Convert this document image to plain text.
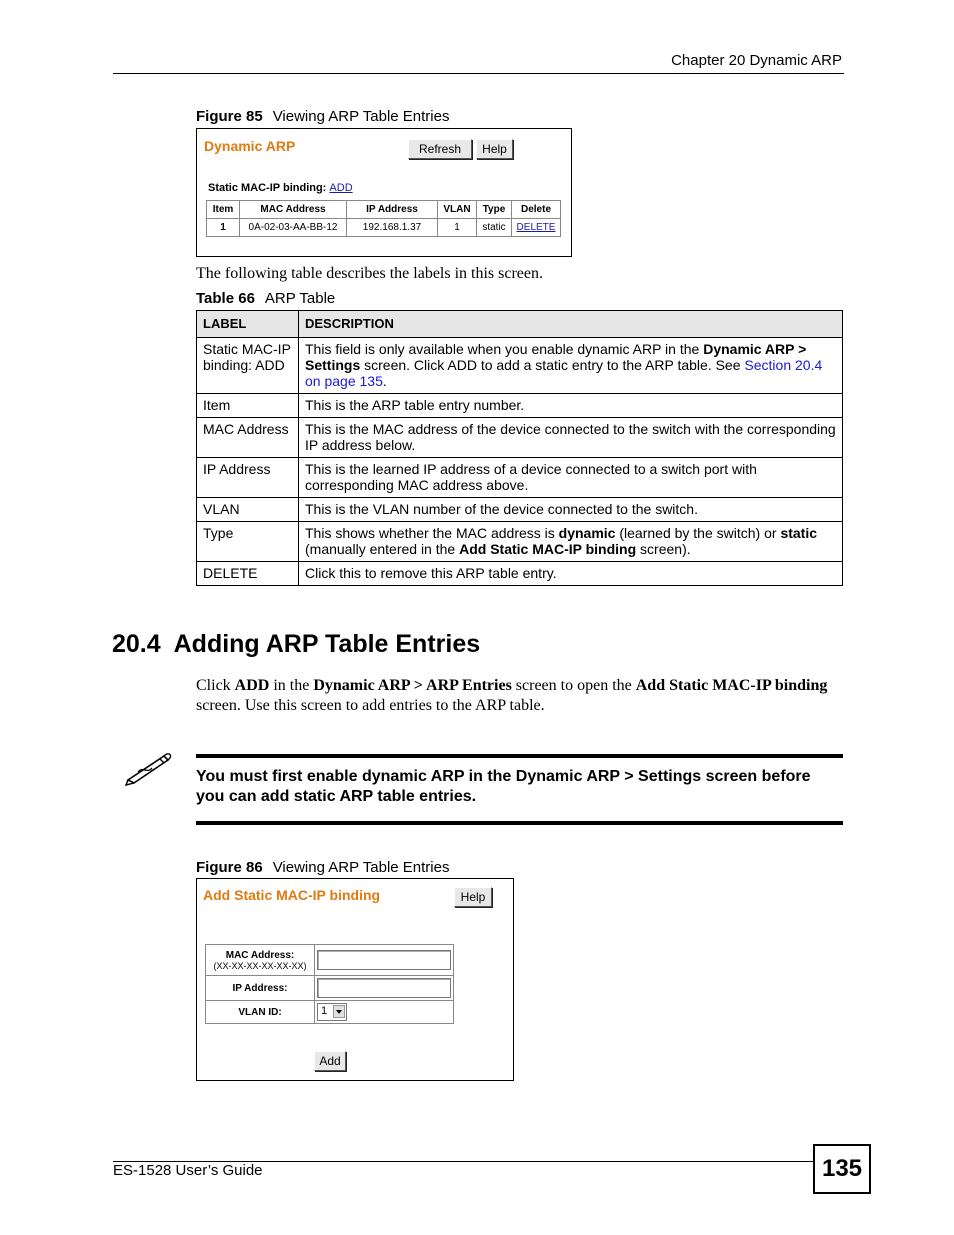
Chapter 20 Dynamic ARP
Figure 85 Viewing ARP Table Entries
Dynamic ARP	Refresh	Help
Static MAC-IP binding: ADD
Item	MAC Address	IP Address	VLAN	Type	Delete
1	0A-02-03-AA-BB-12	192.168.1.37	1	static	DELETE
The following table describes the labels in this screen.
Table 66 ARP Table
LABEL	DESCRIPTION
Static MAC-IP binding: ADD	This field is only available when you enable dynamic ARP in the Dynamic ARP > Settings screen. Click ADD to add a static entry to the ARP table. See Section 20.4 on page 135.
Item	This is the ARP table entry number.
MAC Address	This is the MAC address of the device connected to the switch with the corresponding IP address below.
IP Address	This is the learned IP address of a device connected to a switch port with corresponding MAC address above.
VLAN	This is the VLAN number of the device connected to the switch.
Type	This shows whether the MAC address is dynamic (learned by the switch) or static (manually entered in the Add Static MAC-IP binding screen).
DELETE	Click this to remove this ARP table entry.
20.4  Adding ARP Table Entries
Click ADD in the Dynamic ARP > ARP Entries screen to open the Add Static MAC-IP binding screen. Use this screen to add entries to the ARP table.
You must first enable dynamic ARP in the Dynamic ARP > Settings screen before you can add static ARP table entries.
Figure 86 Viewing ARP Table Entries
Add Static MAC-IP binding	Help
MAC Address:
(XX-XX-XX-XX-XX-XX)	

IP Address:	

VLAN ID:	1
Add
ES-1528 User’s Guide	135
